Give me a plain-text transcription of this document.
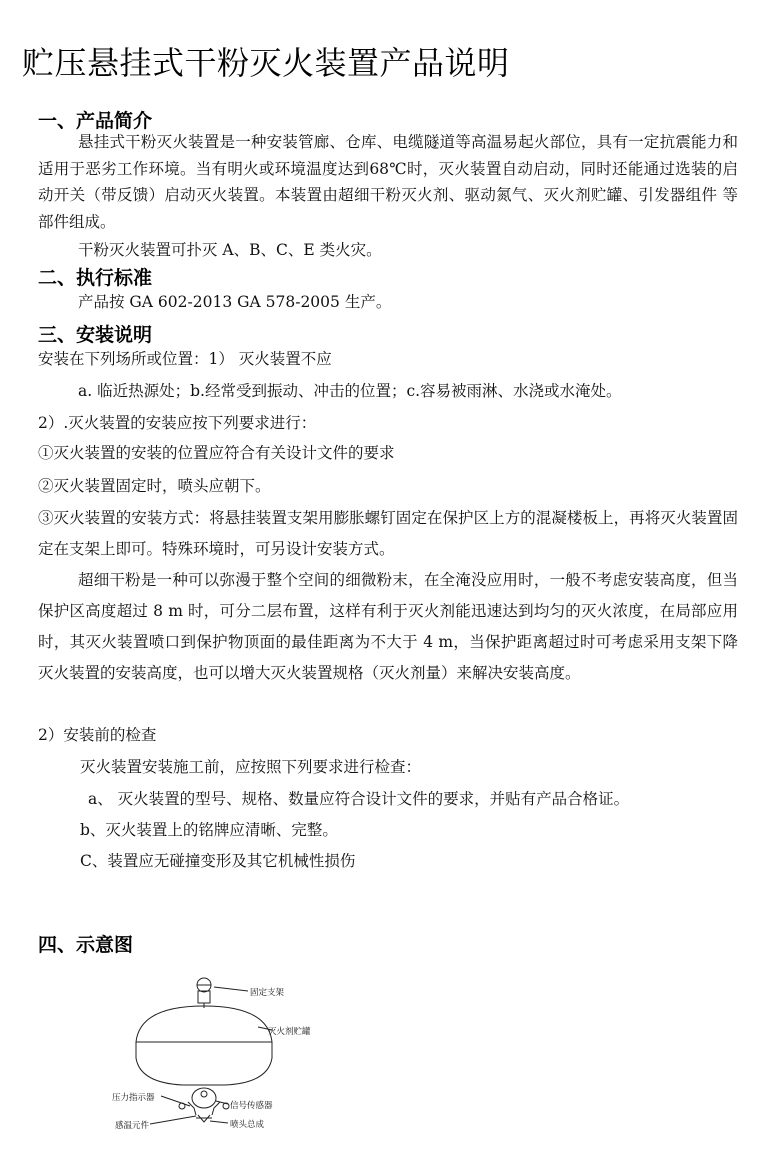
贮压悬挂式干粉灭火装置产品说明
一、产品简介
悬挂式干粉灭火装置是一种安装管廊、仓库、电缆隧道等高温易起火部位，具有一定抗震能力和适用于恶劣工作环境。当有明火或环境温度达到68℃时，灭火装置自动启动，同时还能通过选装的启动开关（带反馈）启动灭火装置。本装置由超细干粉灭火剂、驱动氮气、灭火剂贮罐、引发器组件 等部件组成。
干粉灭火装置可扑灭 A、B、C、E 类火灾。
二、执行标准
产品按 GA 602-2013 GA 578-2005 生产。
三、安装说明
安装在下列场所或位置：1） 灭火装置不应
a. 临近热源处；b.经常受到振动、冲击的位置；c.容易被雨淋、水浇或水淹处。
2）.灭火装置的安装应按下列要求进行：
①灭火装置的安装的位置应符合有关设计文件的要求
②灭火装置固定时，喷头应朝下。
③灭火装置的安装方式：将悬挂装置支架用膨胀螺钉固定在保护区上方的混凝楼板上，再将灭火装置固定在支架上即可。特殊环境时，可另设计安装方式。
超细干粉是一种可以弥漫于整个空间的细微粉末，在全淹没应用时，一般不考虑安装高度，但当保护区高度超过 8 m 时，可分二层布置，这样有利于灭火剂能迅速达到均匀的灭火浓度，在局部应用时，其灭火装置喷口到保护物顶面的最佳距离为不大于 4 m，当保护距离超过时可考虑采用支架下降灭火装置的安装高度，也可以增大灭火装置规格（灭火剂量）来解决安装高度。
2）安装前的检查
灭火装置安装施工前，应按照下列要求进行检查：
a、 灭火装置的型号、规格、数量应符合设计文件的要求，并贴有产品合格证。
b、灭火装置上的铭牌应清晰、完整。
C、装置应无碰撞变形及其它机械性损伤
四、示意图
固定支架
灭火剂贮罐
压力指示器
信号传感器
感温元件	喷头总成
